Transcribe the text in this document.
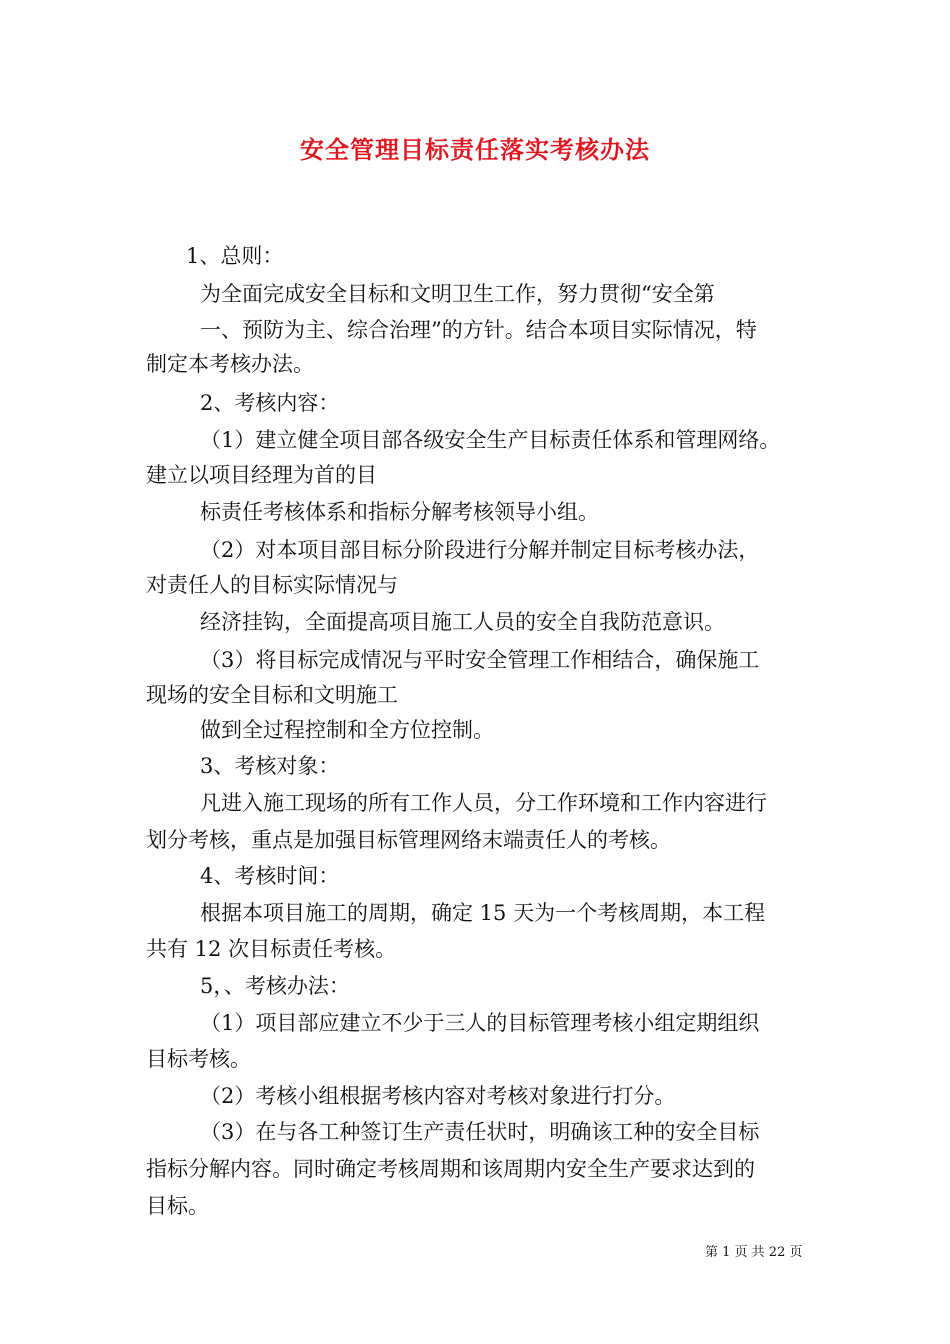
安全管理目标责任落实考核办法

1、总则：

为全面完成安全目标和文明卫生工作，努力贯彻“安全第

一、预防为主、综合治理”的方针。结合本项目实际情况，特

制定本考核办法。

2、考核内容：

（1）建立健全项目部各级安全生产目标责任体系和管理网络。

建立以项目经理为首的目

标责任考核体系和指标分解考核领导小组。

（2）对本项目部目标分阶段进行分解并制定目标考核办法，

对责任人的目标实际情况与

经济挂钩，全面提高项目施工人员的安全自我防范意识。

（3）将目标完成情况与平时安全管理工作相结合，确保施工

现场的安全目标和文明施工

做到全过程控制和全方位控制。

3、考核对象：

凡进入施工现场的所有工作人员，分工作环境和工作内容进行

划分考核，重点是加强目标管理网络末端责任人的考核。

4、考核时间：

根据本项目施工的周期，确定 15 天为一个考核周期，本工程

共有 12 次目标责任考核。

5，、考核办法：

（1）项目部应建立不少于三人的目标管理考核小组定期组织

目标考核。

（2）考核小组根据考核内容对考核对象进行打分。

（3）在与各工种签订生产责任状时，明确该工种的安全目标

指标分解内容。同时确定考核周期和该周期内安全生产要求达到的

目标。

第 1 页 共 22 页
